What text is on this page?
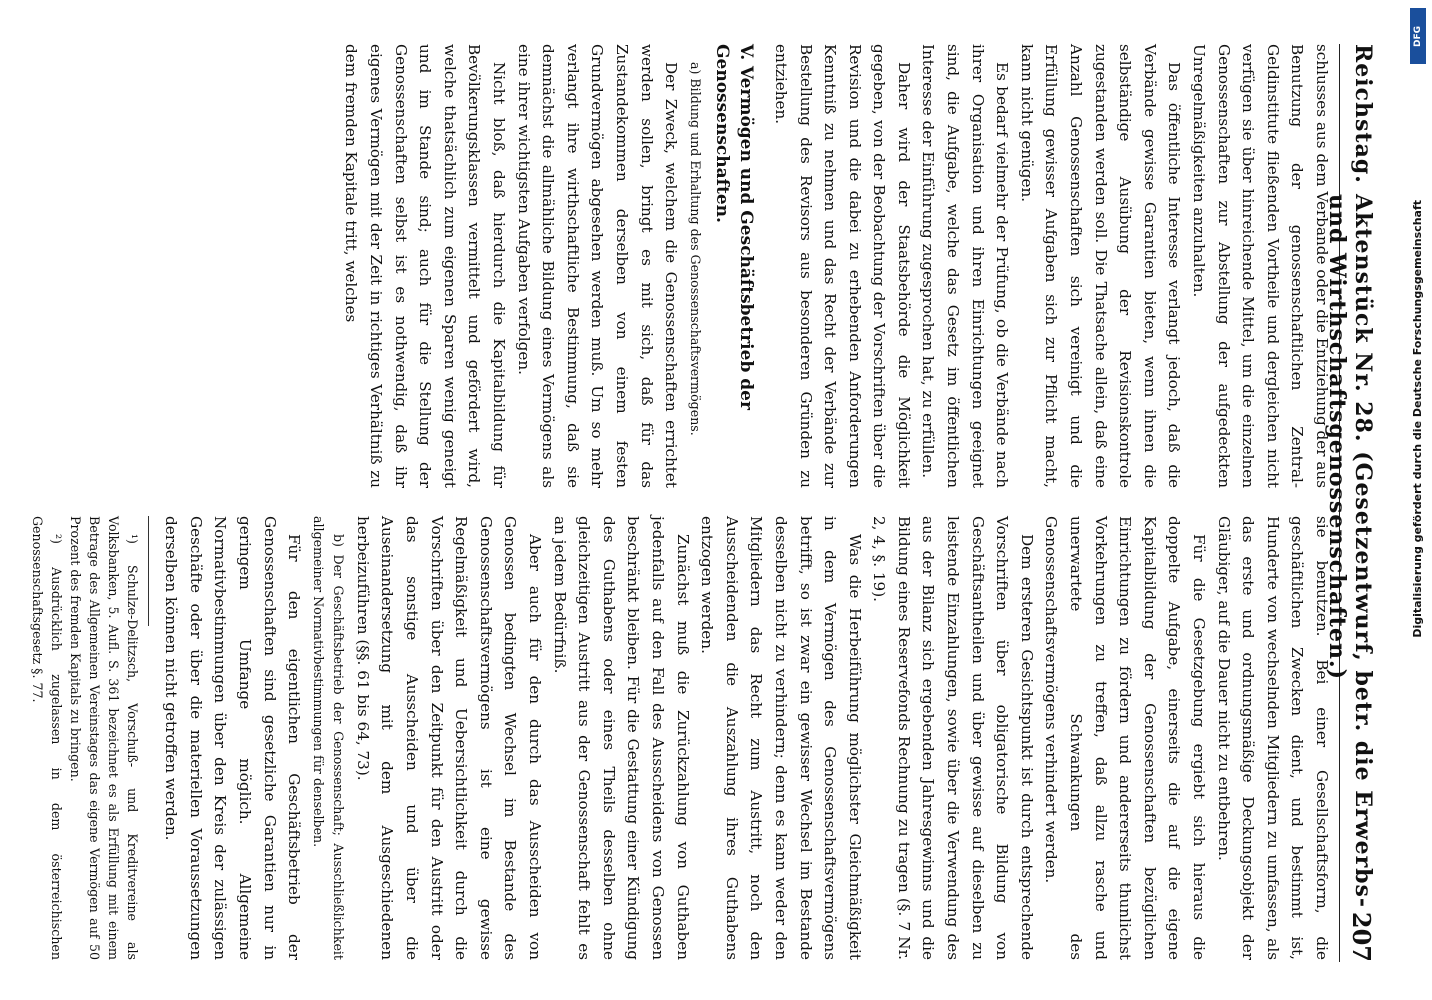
Reichstag.
Aktenstück Nr. 28. (Gesetzentwurf, betr. die Erwerbs- und Wirthschaftsgenossenschaften.)
207

schlusses aus dem Verbande oder die Entziehung der aus Benutzung der genossenschaftlichen Zentral-Geldinstitute fließenden Vortheile und dergleichen nicht verfügen sie über hinreichende Mittel, um die einzelnen Genossenschaften zur Abstellung der aufgedeckten Unregelmäßigkeiten anzuhalten.

Das öffentliche Interesse verlangt jedoch, daß die Verbände gewisse Garantien bieten, wenn ihnen die selbständige Ausübung der Revisionskontrole zugestanden werden soll. Die Thatsache allein, daß eine Anzahl Genossenschaften sich vereinigt und die Erfüllung gewisser Aufgaben sich zur Pflicht macht, kann nicht genügen.

Es bedarf vielmehr der Prüfung, ob die Verbände nach ihrer Organisation und ihren Einrichtungen geeignet sind, die Aufgabe, welche das Gesetz im öffentlichen Interesse der Einführung zugesprochen hat, zu erfüllen.

Daher wird der Staatsbehörde die Möglichkeit gegeben, von der Beobachtung der Vorschriften über die Revision und die dabei zu erhebenden Anforderungen Kenntniß zu nehmen und das Recht der Verbände zur Bestellung des Revisors aus besonderen Gründen zu entziehen.

V. Vermögen und Geschäftsbetrieb der Genossenschaften.
a) Bildung und Erhaltung des Genossenschaftsvermögens.

Der Zweck, welchem die Genossenschaften errichtet werden sollen, bringt es mit sich, daß für das Zustandekommen derselben von einem festen Grundvermögen abgesehen werden muß. Um so mehr verlangt ihre wirthschaftliche Bestimmung, daß sie demnächst die allmähliche Bildung eines Vermögens als eine ihrer wichtigsten Aufgaben verfolgen.

Nicht bloß, daß hierdurch die Kapitalbildung für Bevölkerungsklassen vermittelt und gefördert wird, welche thatsächlich zum eigenen Sparen wenig geneigt und im Stande sind; auch für die Stellung der Genossenschaften selbst ist es nothwendig, daß ihr eigenes Vermögen mit der Zeit in richtiges Verhältniß zu dem fremden Kapitale tritt, welches

sie benutzen. Bei einer Gesellschaftsform, die geschäftlichen Zwecken dient, und bestimmt ist, Hunderte von wechselnden Mitgliedern zu umfassen, als das erste und ordnungsmäßige Deckungsobjekt der Gläubiger, auf die Dauer nicht zu entbehren.

Für die Gesetzgebung ergiebt sich hieraus die doppelte Aufgabe, einerseits die auf die eigene Kapitalbildung der Genossenschaften bezüglichen Einrichtungen zu fördern und andererseits thunlichst Vorkehrungen zu treffen, daß allzu rasche und unerwartete Schwankungen des Genossenschaftsvermögens verhindert werden.

Dem ersteren Gesichtspunkt ist durch entsprechende Vorschriften über obligatorische Bildung von Geschäftsantheilen und über gewisse auf dieselben zu leistende Einzahlungen, sowie über die Verwendung des aus der Bilanz sich ergebenden Jahresgewinns und die Bildung eines Reservefonds Rechnung zu tragen (§. 7 Nr. 2, 4, §. 19).

Was die Herbeiführung möglichster Gleichmäßigkeit in dem Vermögen des Genossenschaftsvermögens betrifft, so ist zwar ein gewisser Wechsel im Bestande desselben nicht zu verhindern; denn es kann weder den Mitgliedern das Recht zum Austritt, noch den Ausscheidenden die Auszahlung ihres Guthabens entzogen werden.

Zunächst muß die Zurückzahlung von Guthaben jedenfalls auf den Fall des Ausscheidens von Genossen beschränkt bleiben. Für die Gestattung einer Kündigung des Guthabens oder eines Theils desselben ohne gleichzeitigen Austritt aus der Genossenschaft fehlt es an jedem Bedürfniß.

Aber auch für den durch das Ausscheiden von Genossen bedingten Wechsel im Bestande des Genossenschaftsvermögens ist eine gewisse Regelmäßigkeit und Uebersichtlichkeit durch die Vorschriften über den Zeitpunkt für den Austritt oder das sonstige Ausscheiden und über die Auseinandersetzung mit dem Ausgeschiedenen herbeizuführen (§§. 61 bis 64, 73).

b) Der Geschäftsbetrieb der Genossenschaft; Ausschließlichkeit allgemeiner Normativbestimmungen für denselben.

Für den eigentlichen Geschäftsbetrieb der Genossenschaften sind gesetzliche Garantien nur in geringem Umfange möglich. Allgemeine Normativbestimmungen über den Kreis der zulässigen Geschäfte oder über die materiellen Voraussetzungen derselben können nicht getroffen werden.

¹) Schulze-Delitzsch, Vorschuß- und Kreditvereine als Volksbanken, 5. Aufl. S. 361 bezeichnet es als Erfüllung mit einem Betrage des Allgemeinen Vereinstages das eigene Vermögen auf 50 Prozent des fremden Kapitals zu bringen.

²) Ausdrücklich zugelassen in dem österreichischen Genossenschaftsgesetz §. 77.

DFG
Digitalisierung gefördert durch die Deutsche Forschungsgemeinschaft
